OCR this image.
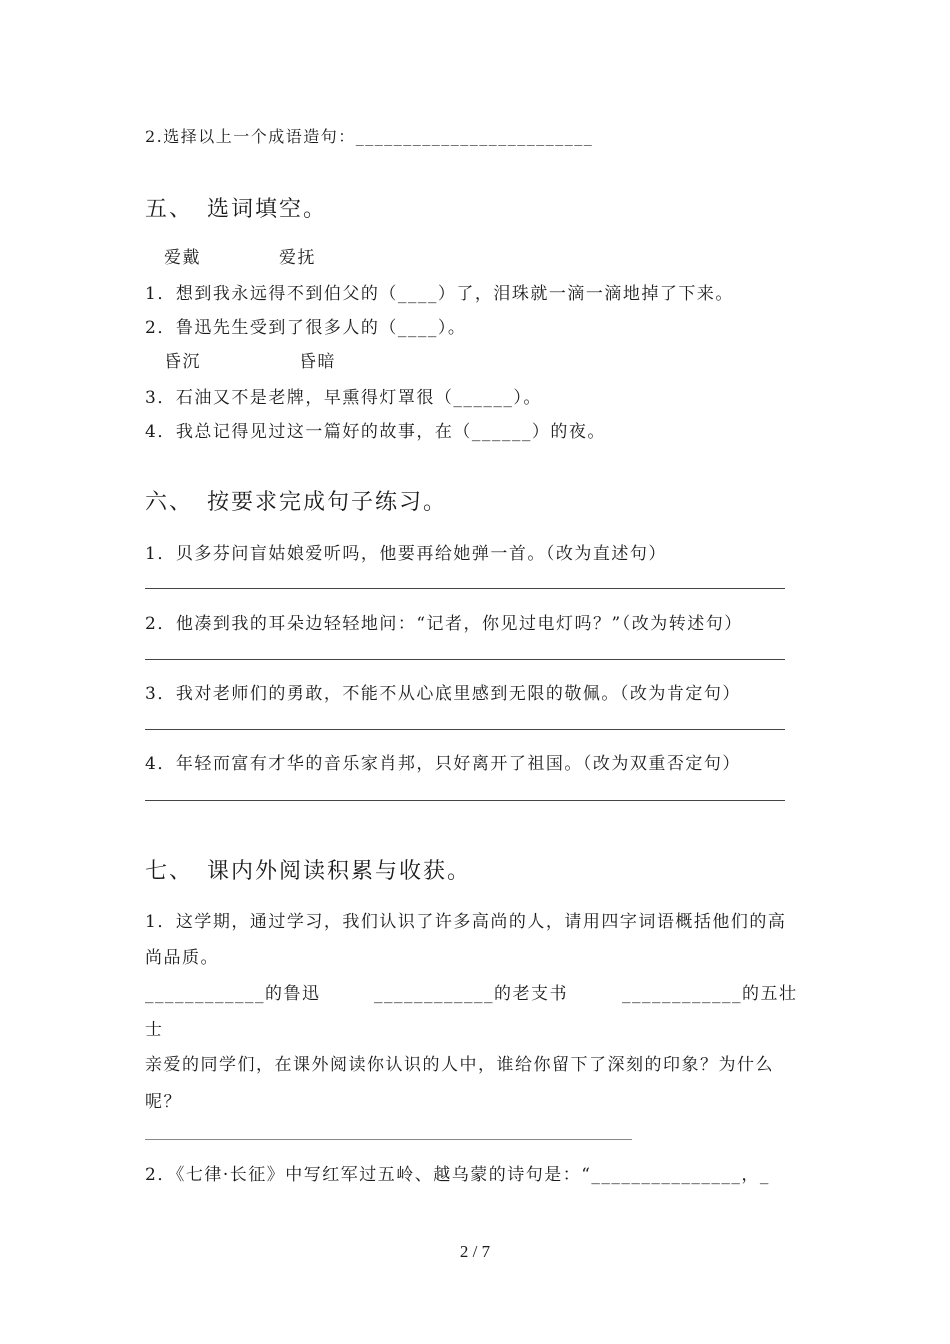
2.选择以上一个成语造句：_________________________
五、 选词填空。
爱戴	爱抚
1．想到我永远得不到伯父的（____）了，泪珠就一滴一滴地掉了下来。
2．鲁迅先生受到了很多人的（____）。
昏沉	昏暗
3．石油又不是老牌，早熏得灯罩很（______）。
4．我总记得见过这一篇好的故事，在（______）的夜。
六、 按要求完成句子练习。
1．贝多芬问盲姑娘爱听吗，他要再给她弹一首。（改为直述句）
2．他凑到我的耳朵边轻轻地问：“记者，你见过电灯吗？”（改为转述句）
3．我对老师们的勇敢，不能不从心底里感到无限的敬佩。（改为肯定句）
4．年轻而富有才华的音乐家肖邦，只好离开了祖国。（改为双重否定句）
七、 课内外阅读积累与收获。
1．这学期，通过学习，我们认识了许多高尚的人，请用四字词语概括他们的高
尚品质。
____________的鲁迅	____________的老支书	____________的五壮
士
亲爱的同学们，在课外阅读你认识的人中，谁给你留下了深刻的印象？为什么
呢？
2．《七律·长征》中写红军过五岭、越乌蒙的诗句是：“_______________，_
2 / 7
